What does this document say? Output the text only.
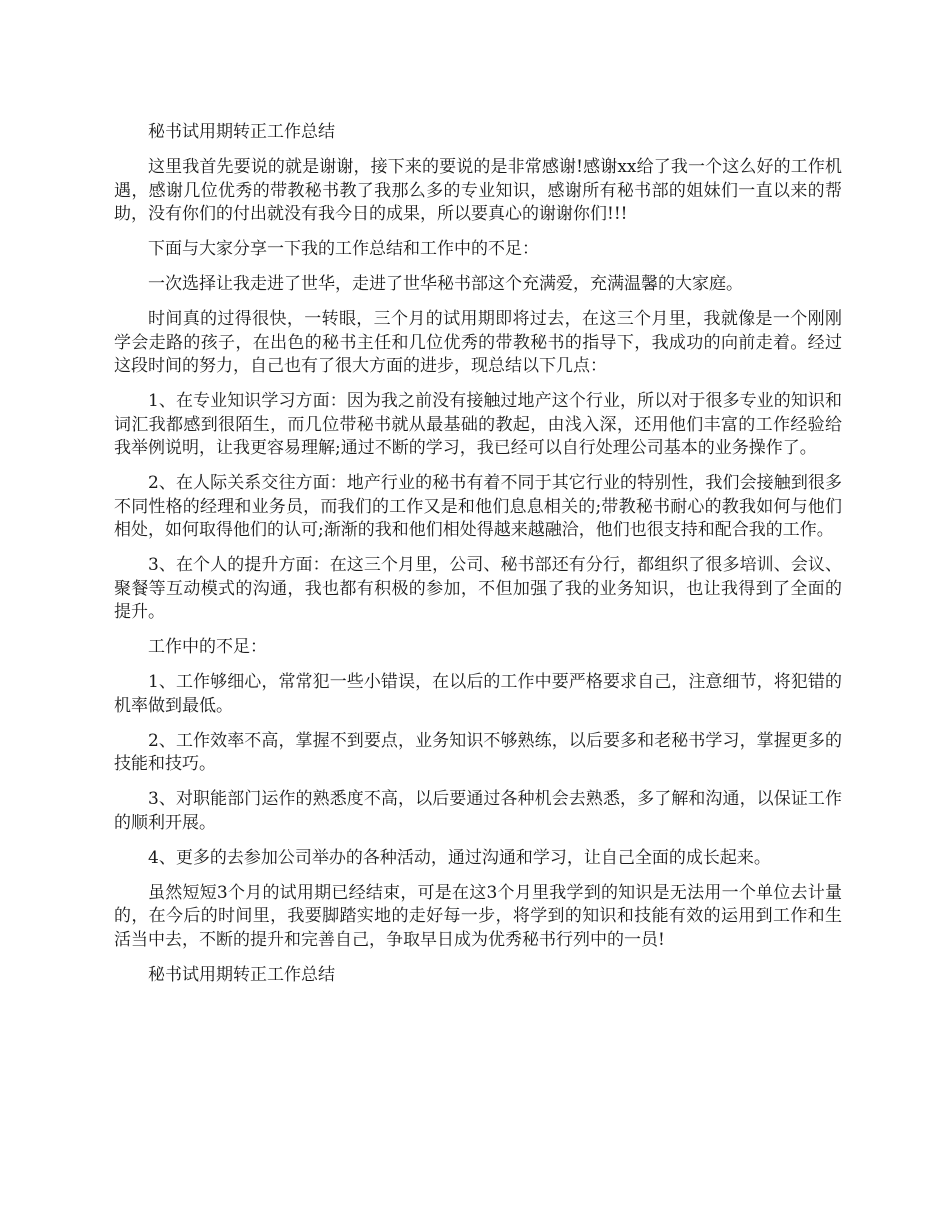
秘书试用期转正工作总结

这里我首先要说的就是谢谢，接下来的要说的是非常感谢!感谢xx给了我一个这么好的工作机遇，感谢几位优秀的带教秘书教了我那么多的专业知识，感谢所有秘书部的姐妹们一直以来的帮助，没有你们的付出就没有我今日的成果，所以要真心的谢谢你们!!!

下面与大家分享一下我的工作总结和工作中的不足：

一次选择让我走进了世华，走进了世华秘书部这个充满爱，充满温馨的大家庭。

时间真的过得很快，一转眼，三个月的试用期即将过去，在这三个月里，我就像是一个刚刚学会走路的孩子，在出色的秘书主任和几位优秀的带教秘书的指导下，我成功的向前走着。经过这段时间的努力，自己也有了很大方面的进步，现总结以下几点：

1、在专业知识学习方面：因为我之前没有接触过地产这个行业，所以对于很多专业的知识和词汇我都感到很陌生，而几位带秘书就从最基础的教起，由浅入深，还用他们丰富的工作经验给我举例说明，让我更容易理解;通过不断的学习，我已经可以自行处理公司基本的业务操作了。

2、在人际关系交往方面：地产行业的秘书有着不同于其它行业的特别性，我们会接触到很多不同性格的经理和业务员，而我们的工作又是和他们息息相关的;带教秘书耐心的教我如何与他们相处，如何取得他们的认可;渐渐的我和他们相处得越来越融洽，他们也很支持和配合我的工作。

3、在个人的提升方面：在这三个月里，公司、秘书部还有分行，都组织了很多培训、会议、聚餐等互动模式的沟通，我也都有积极的参加，不但加强了我的业务知识，也让我得到了全面的提升。

工作中的不足：

1、工作够细心，常常犯一些小错误，在以后的工作中要严格要求自己，注意细节，将犯错的机率做到最低。

2、工作效率不高，掌握不到要点，业务知识不够熟练，以后要多和老秘书学习，掌握更多的技能和技巧。

3、对职能部门运作的熟悉度不高，以后要通过各种机会去熟悉，多了解和沟通，以保证工作的顺利开展。

4、更多的去参加公司举办的各种活动，通过沟通和学习，让自己全面的成长起来。

虽然短短3个月的试用期已经结束，可是在这3个月里我学到的知识是无法用一个单位去计量的，在今后的时间里，我要脚踏实地的走好每一步，将学到的知识和技能有效的运用到工作和生活当中去，不断的提升和完善自己，争取早日成为优秀秘书行列中的一员!

秘书试用期转正工作总结
